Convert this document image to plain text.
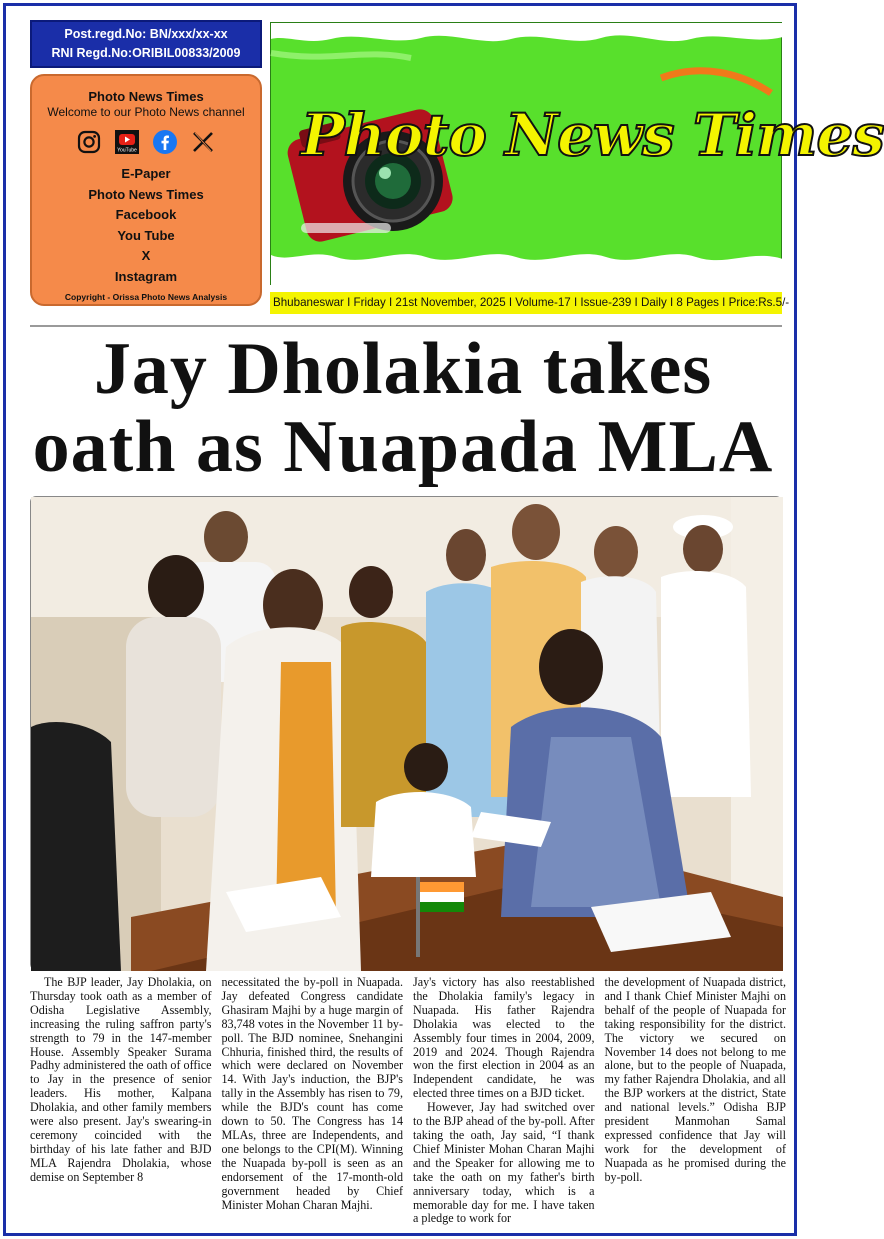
Post.regd.No: BN/xxx/xx-xx
RNI Regd.No:ORIBIL00833/2009
Photo News Times
Welcome to our Photo News channel
YouTube
E-Paper
Photo News Times
Facebook
You Tube
X
Instagram
Copyright - Orissa Photo News Analysis
Photo News Times
Bhubaneswar I Friday I 21st November, 2025 I Volume-17 I Issue-239 I Daily I 8 Pages I Price:Rs.5/-
Jay Dholakia takes
oath as Nuapada MLA

The BJP leader, Jay Dholakia, on Thursday took oath as a member of Odisha Legislative Assembly, increasing the ruling saffron party's strength to 79 in the 147-member House. Assembly Speaker Surama Padhy administered the oath of office to Jay in the presence of senior leaders. His mother, Kalpana Dholakia, and other family members were also present. Jay's swearing-in ceremony coincided with the birthday of his late father and BJD MLA Rajendra Dholakia, whose demise on September 8

necessitated the by-poll in Nuapada. Jay defeated Congress candidate Ghasiram Majhi by a huge margin of 83,748 votes in the November 11 by-poll. The BJD nominee, Snehangini Chhuria, finished third, the results of which were declared on November 14. With Jay's induction, the BJP's tally in the Assembly has risen to 79, while the BJD's count has come down to 50. The Congress has 14 MLAs, three are Independents, and one belongs to the CPI(M). Winning the Nuapada by-poll is seen as an endorsement of the 17-month-old government headed by Chief Minister Mohan Charan Majhi.

Jay's victory has also reestablished the Dholakia family's legacy in Nuapada. His father Rajendra Dholakia was elected to the Assembly four times in 2004, 2009, 2019 and 2024. Though Rajendra won the first election in 2004 as an Independent candidate, he was elected three times on a BJD ticket.

However, Jay had switched over to the BJP ahead of the by-poll. After taking the oath, Jay said, “I thank Chief Minister Mohan Charan Majhi and the Speaker for allowing me to take the oath on my father's birth anniversary today, which is a memorable day for me. I have taken a pledge to work for

the development of Nuapada district, and I thank Chief Minister Majhi on behalf of the people of Nuapada for taking responsibility for the district. The victory we secured on November 14 does not belong to me alone, but to the people of Nuapada, my father Rajendra Dholakia, and all the BJP workers at the district, State and national levels.” Odisha BJP president Manmohan Samal expressed confidence that Jay will work for the development of Nuapada as he promised during the by-poll.
